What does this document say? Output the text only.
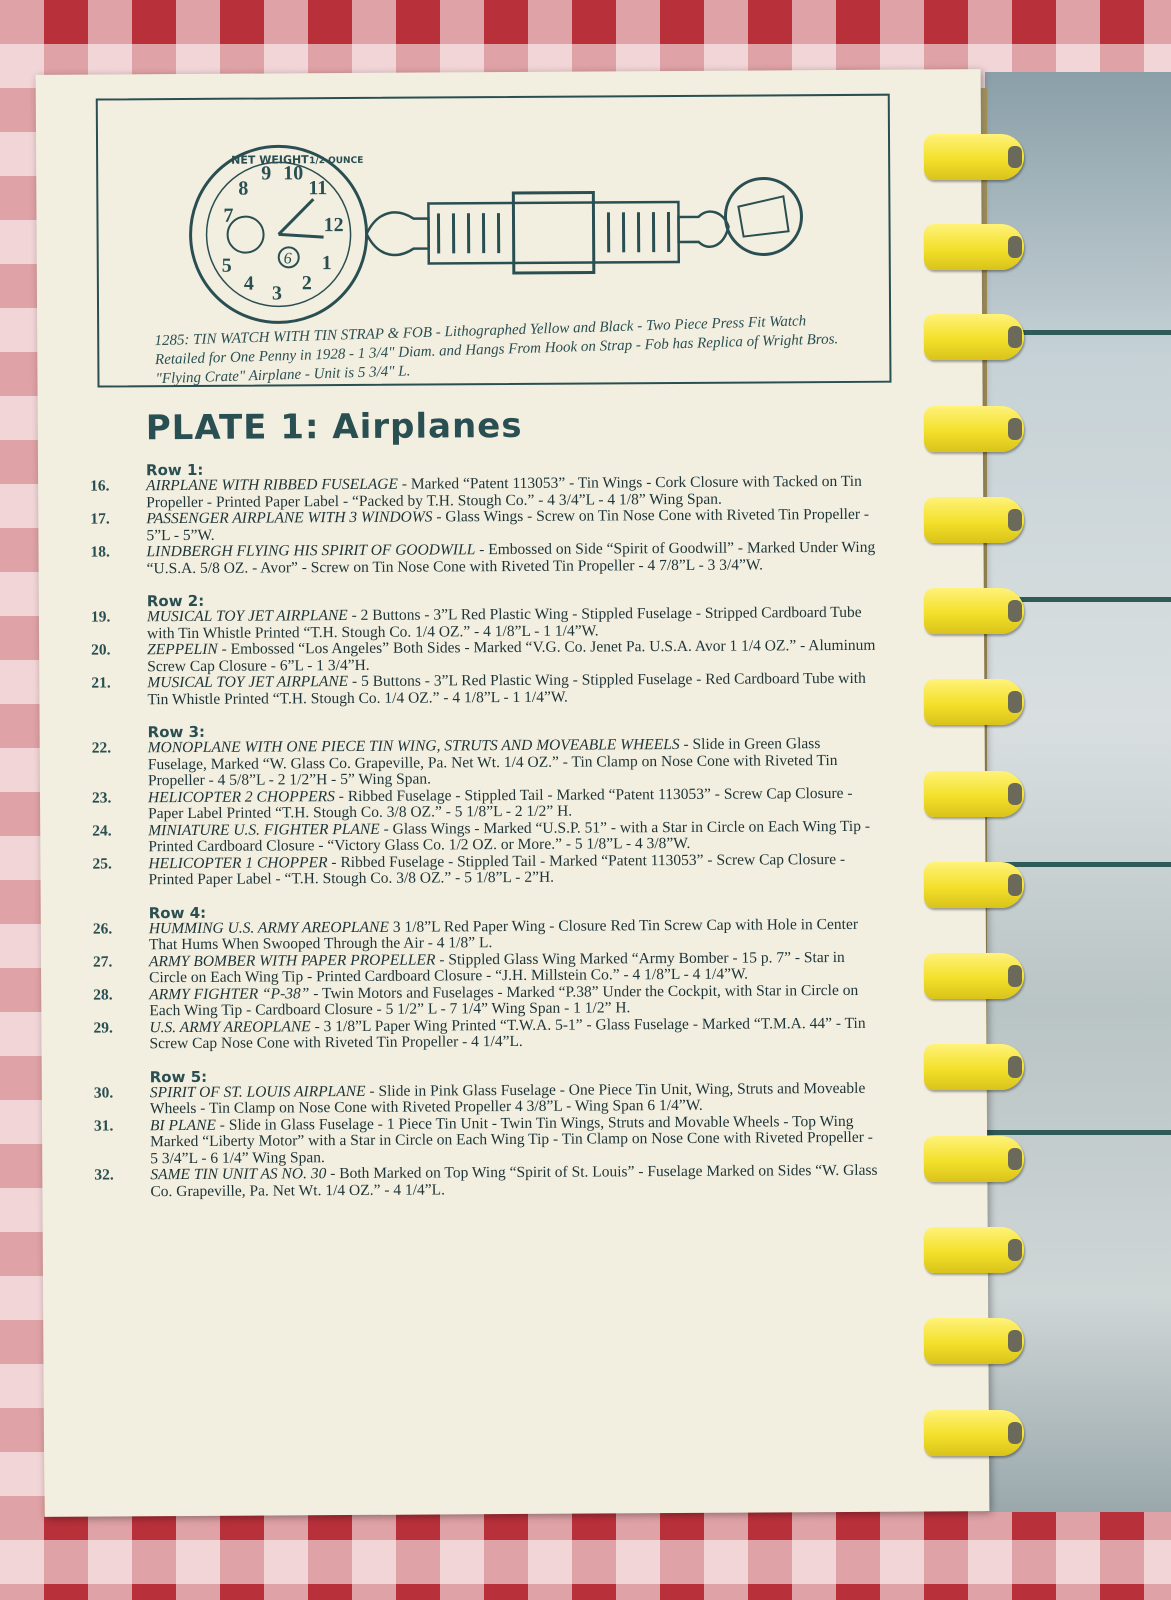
10
11
12
1
2
3
4
5
7
8
9
NET WEIGHT 1/2 OUNCE
6
1285: TIN WATCH WITH TIN STRAP & FOB - Lithographed Yellow and Black - Two Piece Press Fit Watch Retailed for One Penny in 1928 - 1 3/4" Diam. and Hangs From Hook on Strap - Fob has Replica of Wright Bros. "Flying Crate" Airplane - Unit is 5 3/4" L.
PLATE 1: Airplanes
Row 1:
16.	AIRPLANE WITH RIBBED FUSELAGE - Marked “Patent 113053” - Tin Wings - Cork Closure with Tacked on Tin Propeller - Printed Paper Label - “Packed by T.H. Stough Co.” - 4 3/4”L - 4 1/8” Wing Span.
17.	PASSENGER AIRPLANE WITH 3 WINDOWS - Glass Wings - Screw on Tin Nose Cone with Riveted Tin Propeller - 5”L - 5”W.
18.	LINDBERGH FLYING HIS SPIRIT OF GOODWILL - Embossed on Side “Spirit of Goodwill” - Marked Under Wing “U.S.A. 5/8 OZ. - Avor” - Screw on Tin Nose Cone with Riveted Tin Propeller - 4 7/8”L - 3 3/4”W.
Row 2:
19.	MUSICAL TOY JET AIRPLANE - 2 Buttons - 3”L Red Plastic Wing - Stippled Fuselage - Stripped Cardboard Tube with Tin Whistle Printed “T.H. Stough Co. 1/4 OZ.” - 4 1/8”L - 1 1/4”W.
20.	ZEPPELIN - Embossed “Los Angeles” Both Sides - Marked “V.G. Co. Jenet Pa. U.S.A. Avor 1 1/4 OZ.” - Aluminum Screw Cap Closure - 6”L - 1 3/4”H.
21.	MUSICAL TOY JET AIRPLANE - 5 Buttons - 3”L Red Plastic Wing - Stippled Fuselage - Red Cardboard Tube with Tin Whistle Printed “T.H. Stough Co. 1/4 OZ.” - 4 1/8”L - 1 1/4”W.
Row 3:
22.	MONOPLANE WITH ONE PIECE TIN WING, STRUTS AND MOVEABLE WHEELS - Slide in Green Glass Fuselage, Marked “W. Glass Co. Grapeville, Pa. Net Wt. 1/4 OZ.” - Tin Clamp on Nose Cone with Riveted Tin Propeller - 4 5/8”L - 2 1/2”H - 5” Wing Span.
23.	HELICOPTER 2 CHOPPERS - Ribbed Fuselage - Stippled Tail - Marked “Patent 113053” - Screw Cap Closure - Paper Label Printed “T.H. Stough Co. 3/8 OZ.” - 5 1/8”L - 2 1/2” H.
24.	MINIATURE U.S. FIGHTER PLANE - Glass Wings - Marked “U.S.P. 51” - with a Star in Circle on Each Wing Tip - Printed Cardboard Closure - “Victory Glass Co. 1/2 OZ. or More.” - 5 1/8”L - 4 3/8”W.
25.	HELICOPTER 1 CHOPPER - Ribbed Fuselage - Stippled Tail - Marked “Patent 113053” - Screw Cap Closure - Printed Paper Label - “T.H. Stough Co. 3/8 OZ.” - 5 1/8”L - 2”H.
Row 4:
26.	HUMMING U.S. ARMY AREOPLANE 3 1/8”L Red Paper Wing - Closure Red Tin Screw Cap with Hole in Center That Hums When Swooped Through the Air - 4 1/8” L.
27.	ARMY BOMBER WITH PAPER PROPELLER - Stippled Glass Wing Marked “Army Bomber - 15 p. 7” - Star in Circle on Each Wing Tip - Printed Cardboard Closure - “J.H. Millstein Co.” - 4 1/8”L - 4 1/4”W.
28.	ARMY FIGHTER “P-38” - Twin Motors and Fuselages - Marked “P.38” Under the Cockpit, with Star in Circle on Each Wing Tip - Cardboard Closure - 5 1/2” L - 7 1/4” Wing Span - 1 1/2” H.
29.	U.S. ARMY AREOPLANE - 3 1/8”L Paper Wing Printed “T.W.A. 5-1” - Glass Fuselage - Marked “T.M.A. 44” - Tin Screw Cap Nose Cone with Riveted Tin Propeller - 4 1/4”L.
Row 5:
30.	SPIRIT OF ST. LOUIS AIRPLANE - Slide in Pink Glass Fuselage - One Piece Tin Unit, Wing, Struts and Moveable Wheels - Tin Clamp on Nose Cone with Riveted Propeller 4 3/8”L - Wing Span 6 1/4”W.
31.	BI PLANE - Slide in Glass Fuselage - 1 Piece Tin Unit - Twin Tin Wings, Struts and Movable Wheels - Top Wing Marked “Liberty Motor” with a Star in Circle on Each Wing Tip - Tin Clamp on Nose Cone with Riveted Propeller - 5 3/4”L - 6 1/4” Wing Span.
32.	SAME TIN UNIT AS NO. 30 - Both Marked on Top Wing “Spirit of St. Louis” - Fuselage Marked on Sides “W. Glass Co. Grapeville, Pa. Net Wt. 1/4 OZ.” - 4 1/4”L.
